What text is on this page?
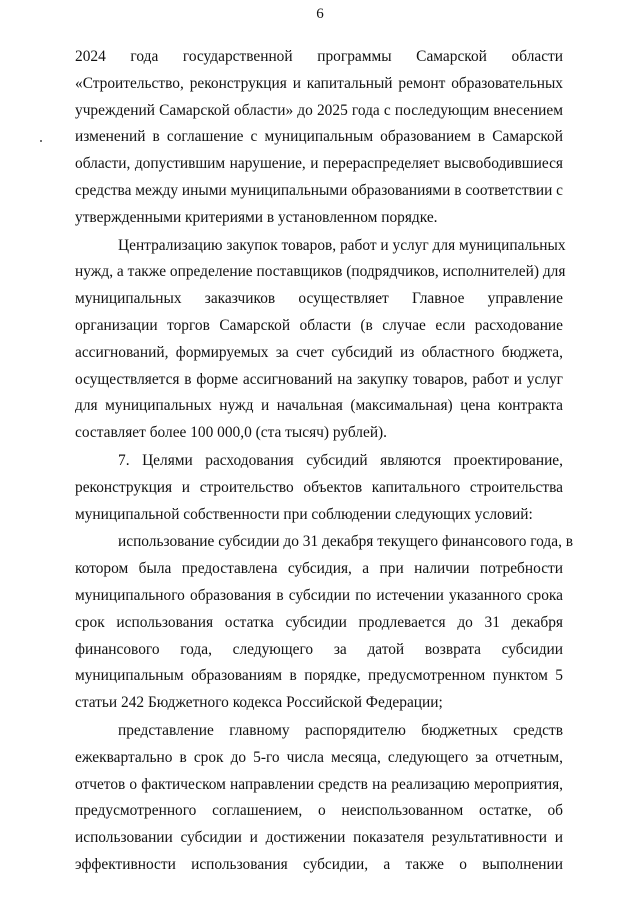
6

2024 года государственной программы Самарской области
«Строительство, реконструкция и капитальный ремонт образовательных
учреждений Самарской области» до 2025 года с последующим внесением
изменений в соглашение с муниципальным образованием в Самарской
области, допустившим нарушение, и перераспределяет высвободившиеся
средства между иными муниципальными образованиями в соответствии с
утвержденными критериями в установленном порядке.

Централизацию закупок товаров, работ и услуг для муниципальных
нужд, а также определение поставщиков (подрядчиков, исполнителей) для
муниципальных заказчиков осуществляет Главное управление
организации торгов Самарской области (в случае если расходование
ассигнований, формируемых за счет субсидий из областного бюджета,
осуществляется в форме ассигнований на закупку товаров, работ и услуг
для муниципальных нужд и начальная (максимальная) цена контракта
составляет более 100 000,0 (ста тысяч) рублей).

7. Целями расходования субсидий являются проектирование,
реконструкция и строительство объектов капитального строительства
муниципальной собственности при соблюдении следующих условий:

использование субсидии до 31 декабря текущего финансового года, в
котором была предоставлена субсидия, а при наличии потребности
муниципального образования в субсидии по истечении указанного срока
срок использования остатка субсидии продлевается до 31 декабря
финансового года, следующего за датой возврата субсидии
муниципальным образованиям в порядке, предусмотренном пунктом 5
статьи 242 Бюджетного кодекса Российской Федерации;

представление главному распорядителю бюджетных средств
ежеквартально в срок до 5-го числа месяца, следующего за отчетным,
отчетов о фактическом направлении средств на реализацию мероприятия,
предусмотренного соглашением, о неиспользованном остатке, об
использовании субсидии и достижении показателя результативности и
эффективности использования субсидии, а также о выполнении
